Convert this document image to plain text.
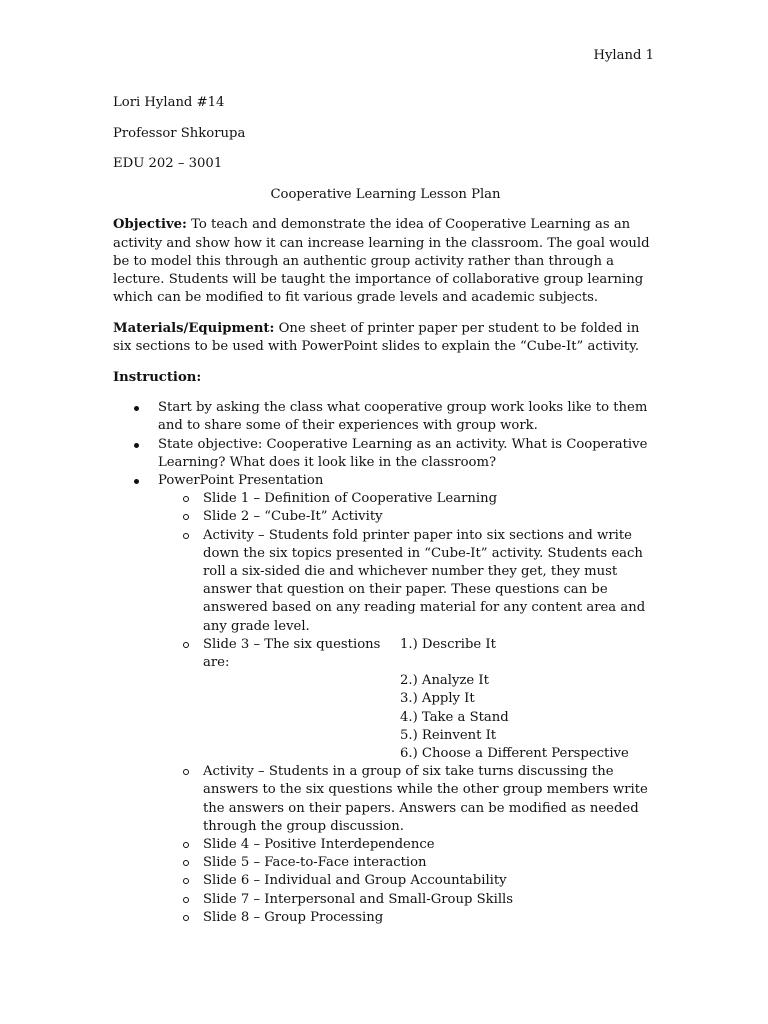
Hyland 1
Lori Hyland #14
Professor Shkorupa
EDU 202 – 3001
Cooperative Learning Lesson Plan
Objective: To teach and demonstrate the idea of Cooperative Learning as an activity and show how it can increase learning in the classroom. The goal would be to model this through an authentic group activity rather than through a lecture. Students will be taught the importance of collaborative group learning which can be modified to fit various grade levels and academic subjects.
Materials/Equipment: One sheet of printer paper per student to be folded in six sections to be used with PowerPoint slides to explain the “Cube-It” activity.
Instruction:
Start by asking the class what cooperative group work looks like to them and to share some of their experiences with group work.
State objective: Cooperative Learning as an activity. What is Cooperative Learning? What does it look like in the classroom?
PowerPoint Presentation
Slide 1 – Definition of Cooperative Learning
Slide 2 – “Cube-It” Activity
Activity – Students fold printer paper into six sections and write down the six topics presented in “Cube-It” activity. Students each roll a six-sided die and whichever number they get, they must answer that question on their paper. These questions can be answered based on any reading material for any content area and any grade level.
Slide 3 – The six questions are:
1.) Describe It
2.) Analyze It
3.) Apply It
4.) Take a Stand
5.) Reinvent It
6.) Choose a Different Perspective
Activity – Students in a group of six take turns discussing the answers to the six questions while the other group members write the answers on their papers. Answers can be modified as needed through the group discussion.
Slide 4 – Positive Interdependence
Slide 5 – Face-to-Face interaction
Slide 6 – Individual and Group Accountability
Slide 7 – Interpersonal and Small-Group Skills
Slide 8 – Group Processing
